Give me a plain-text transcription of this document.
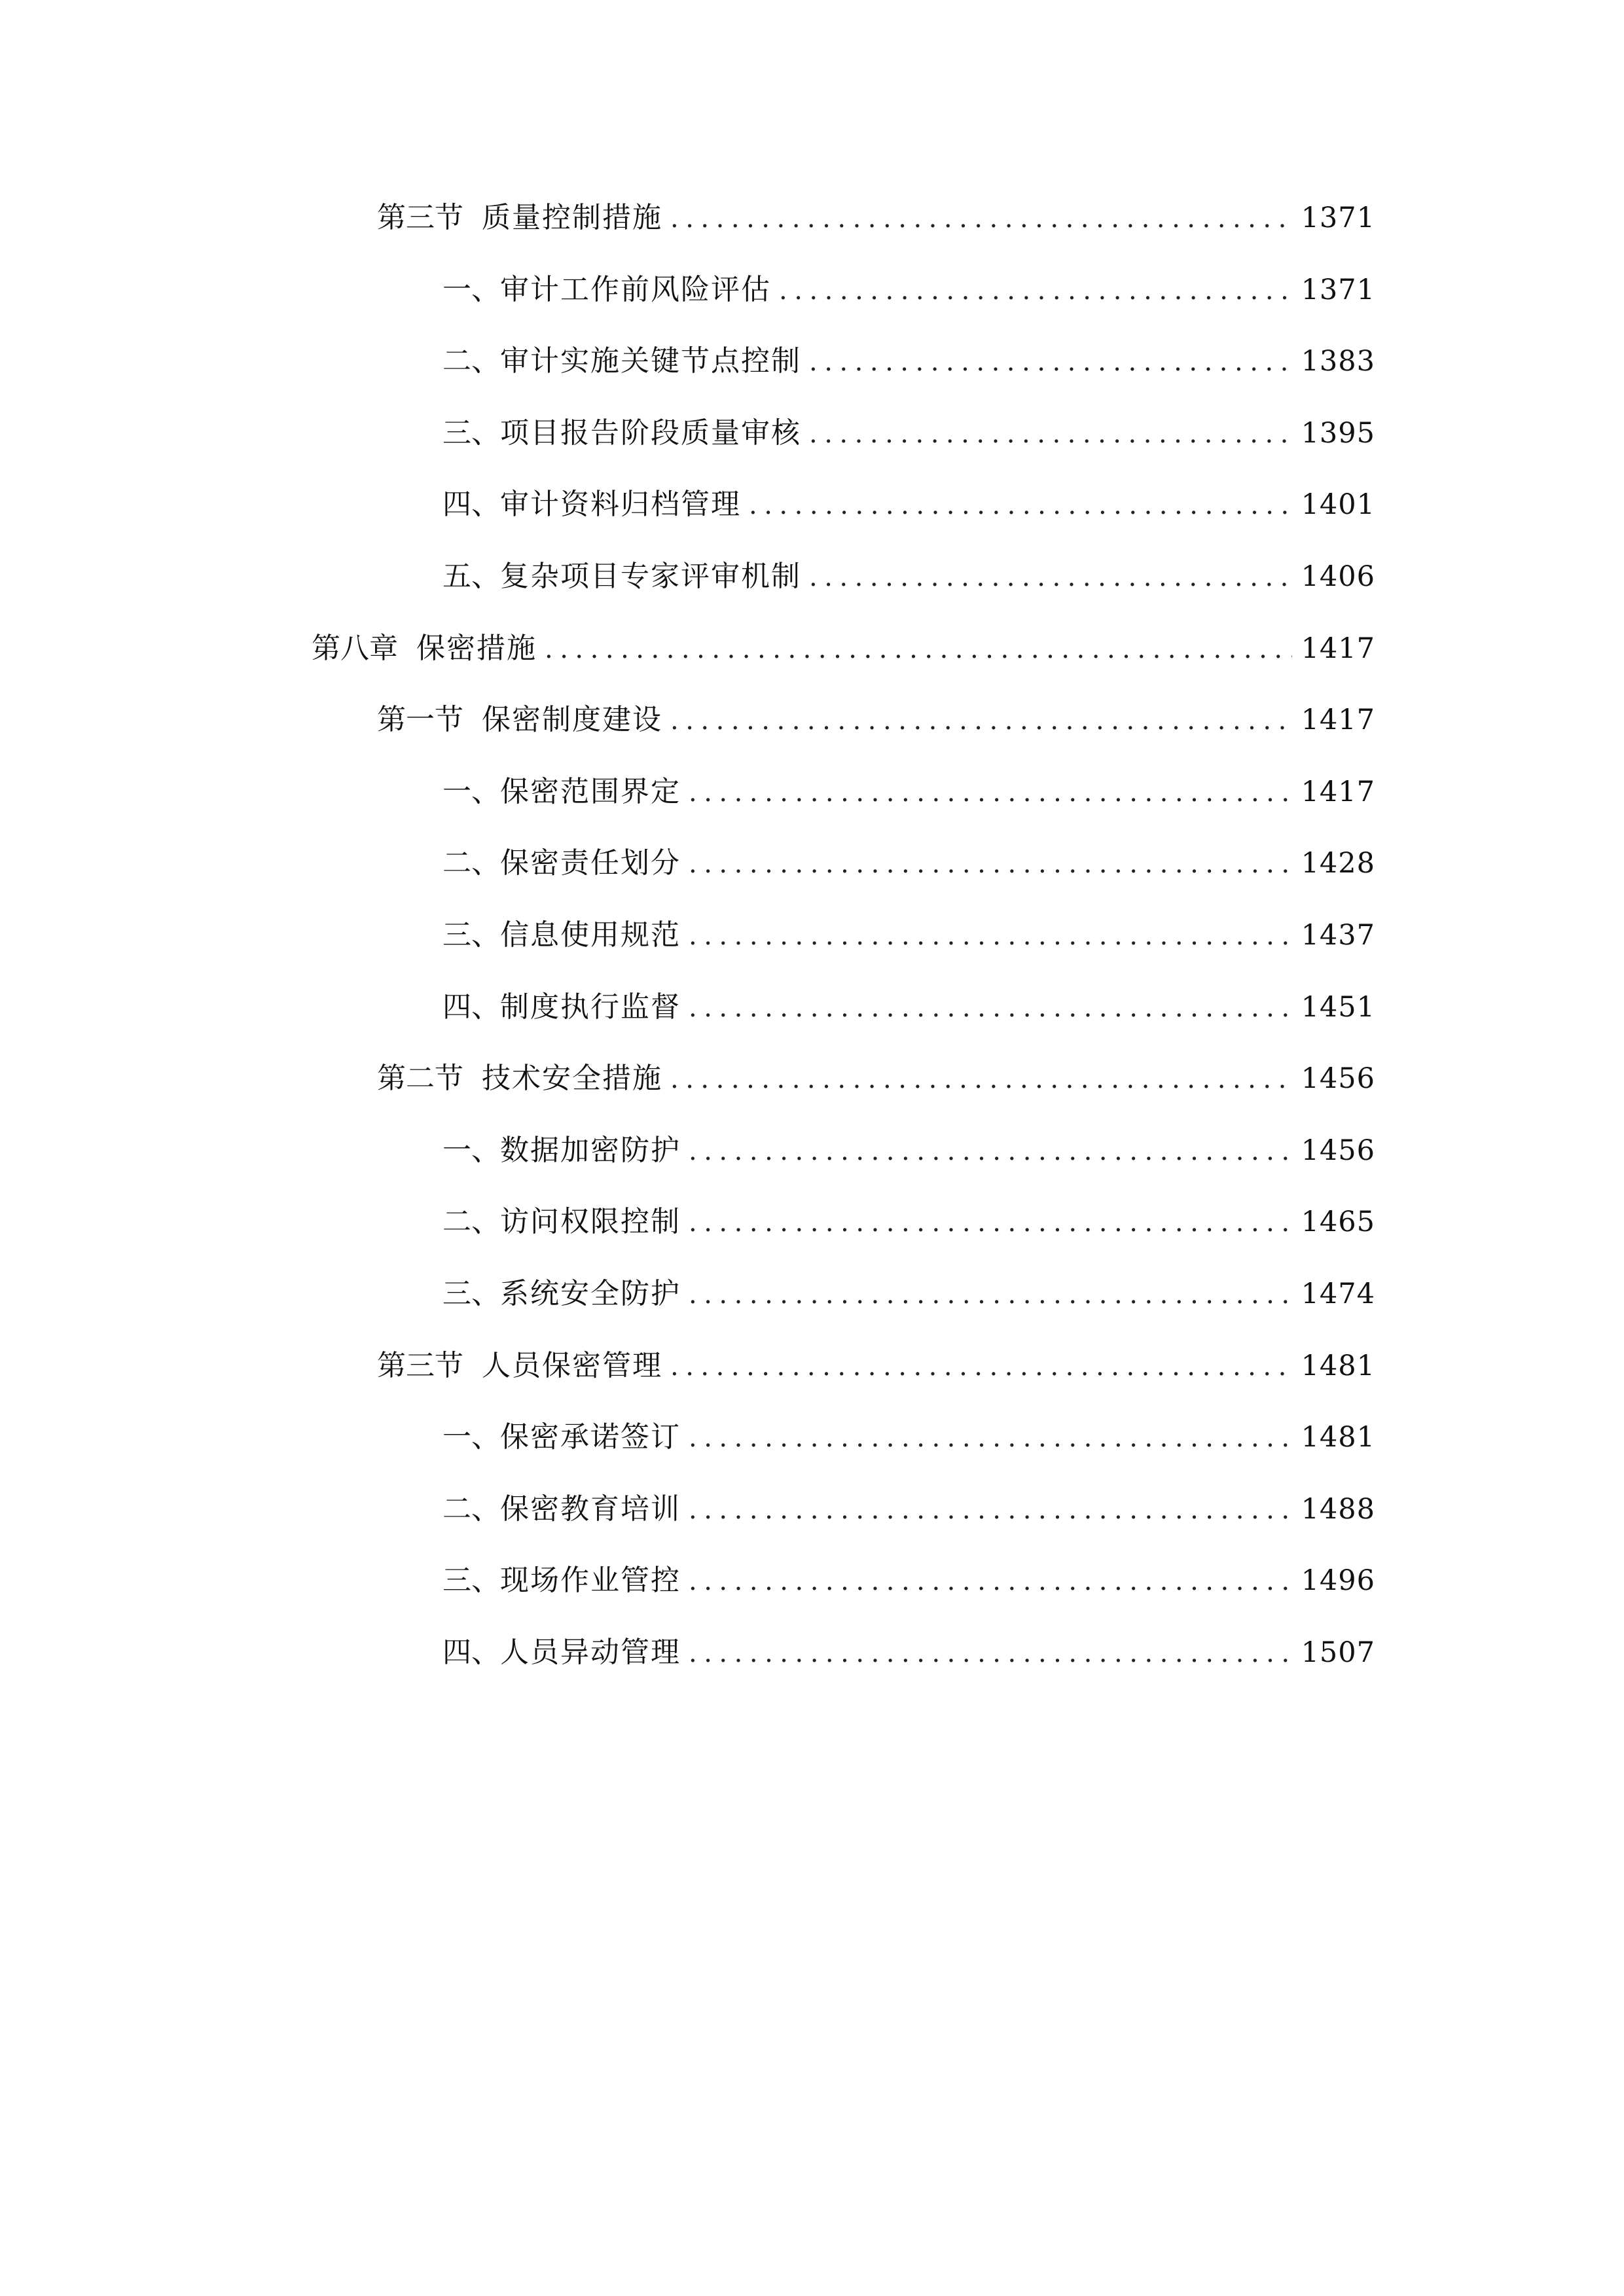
第三节 质量控制措施 .....	1371
一、 审计工作前风险评估 .....	1371
二、 审计实施关键节点控制 .....	1383
三、 项目报告阶段质量审核 .....	1395
四、 审计资料归档管理 .....	1401
五、 复杂项目专家评审机制 .....	1406
第八章 保密措施 .....	1417
第一节 保密制度建设 .....	1417
一、 保密范围界定 .....	1417
二、 保密责任划分 .....	1428
三、 信息使用规范 .....	1437
四、 制度执行监督 .....	1451
第二节 技术安全措施 .....	1456
一、 数据加密防护 .....	1456
二、 访问权限控制 .....	1465
三、 系统安全防护 .....	1474
第三节 人员保密管理 .....	1481
一、 保密承诺签订 .....	1481
二、 保密教育培训 .....	1488
三、 现场作业管控 .....	1496
四、 人员异动管理 .....	1507
